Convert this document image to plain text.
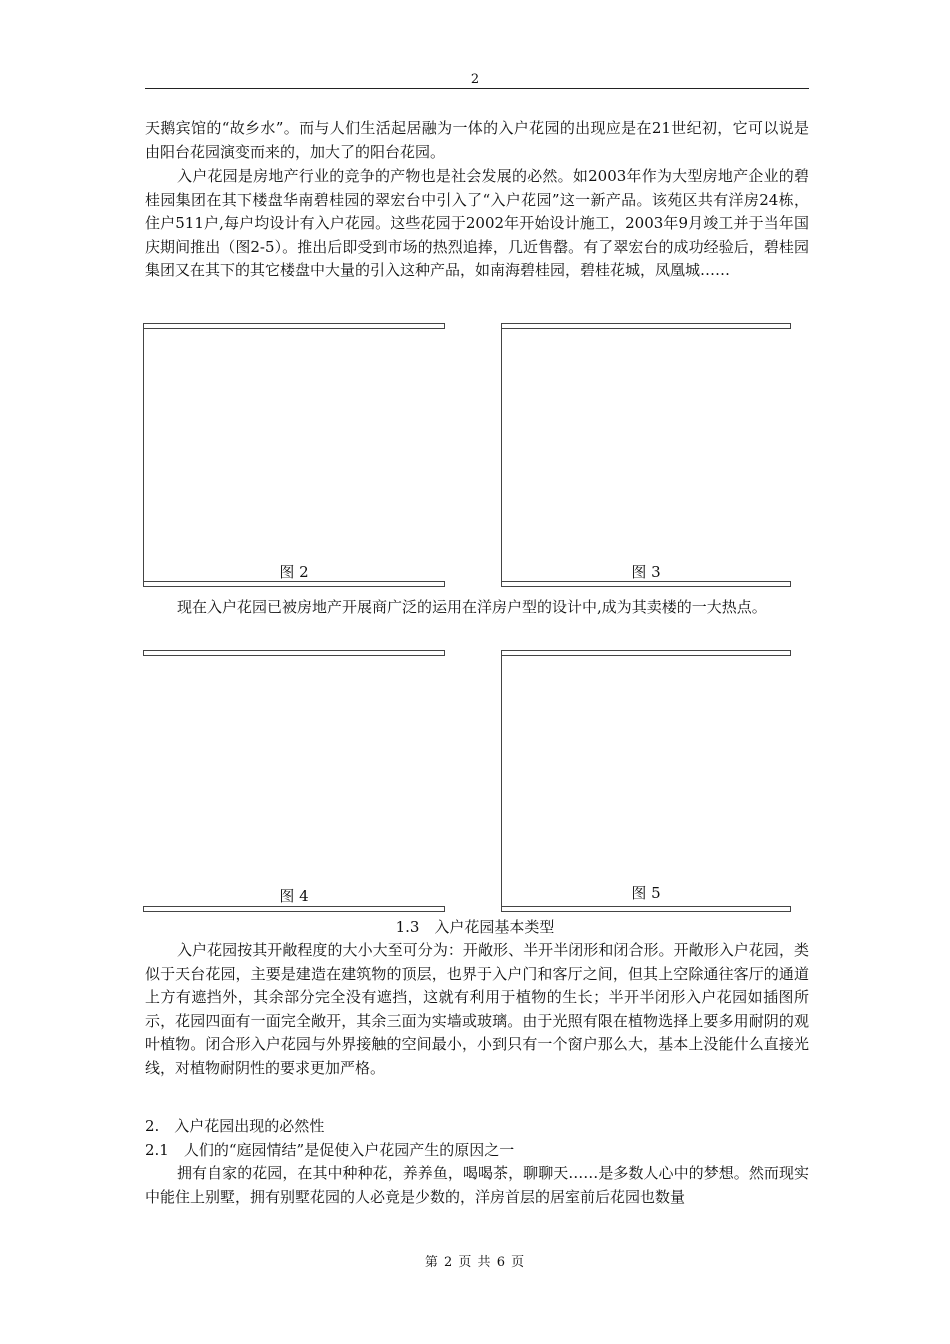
2
天鹅宾馆的“故乡水”。而与人们生活起居融为一体的入户花园的出现应是在21世纪初，它可以说是由阳台花园演变而来的，加大了的阳台花园。
入户花园是房地产行业的竞争的产物也是社会发展的必然。如2003年作为大型房地产企业的碧桂园集团在其下楼盘华南碧桂园的翠宏台中引入了“入户花园”这一新产品。该苑区共有洋房24栋，住户511户,每户均设计有入户花园。这些花园于2002年开始设计施工，2003年9月竣工并于当年国庆期间推出（图2-5）。推出后即受到市场的热烈追捧，几近售罄。有了翠宏台的成功经验后，碧桂园集团又在其下的其它楼盘中大量的引入这种产品，如南海碧桂园，碧桂花城，凤凰城……
图 2	图 3
现在入户花园已被房地产开展商广泛的运用在洋房户型的设计中,成为其卖楼的一大热点。
图 4	图 5
1.3　入户花园基本类型
入户花园按其开敞程度的大小大至可分为：开敞形、半开半闭形和闭合形。开敞形入户花园，类似于天台花园，主要是建造在建筑物的顶层，也界于入户门和客厅之间，但其上空除通往客厅的通道上方有遮挡外，其余部分完全没有遮挡，这就有利用于植物的生长；半开半闭形入户花园如插图所示，花园四面有一面完全敞开，其余三面为实墙或玻璃。由于光照有限在植物选择上要多用耐阴的观叶植物。闭合形入户花园与外界接触的空间最小，小到只有一个窗户那么大，基本上没能什么直接光线，对植物耐阴性的要求更加严格。
2.　入户花园出现的必然性
2.1　人们的“庭园情结”是促使入户花园产生的原因之一
拥有自家的花园，在其中种种花，养养鱼，喝喝茶，聊聊天……是多数人心中的梦想。然而现实中能住上别墅，拥有别墅花园的人必竟是少数的，洋房首层的居室前后花园也数量
第 2 页 共 6 页
